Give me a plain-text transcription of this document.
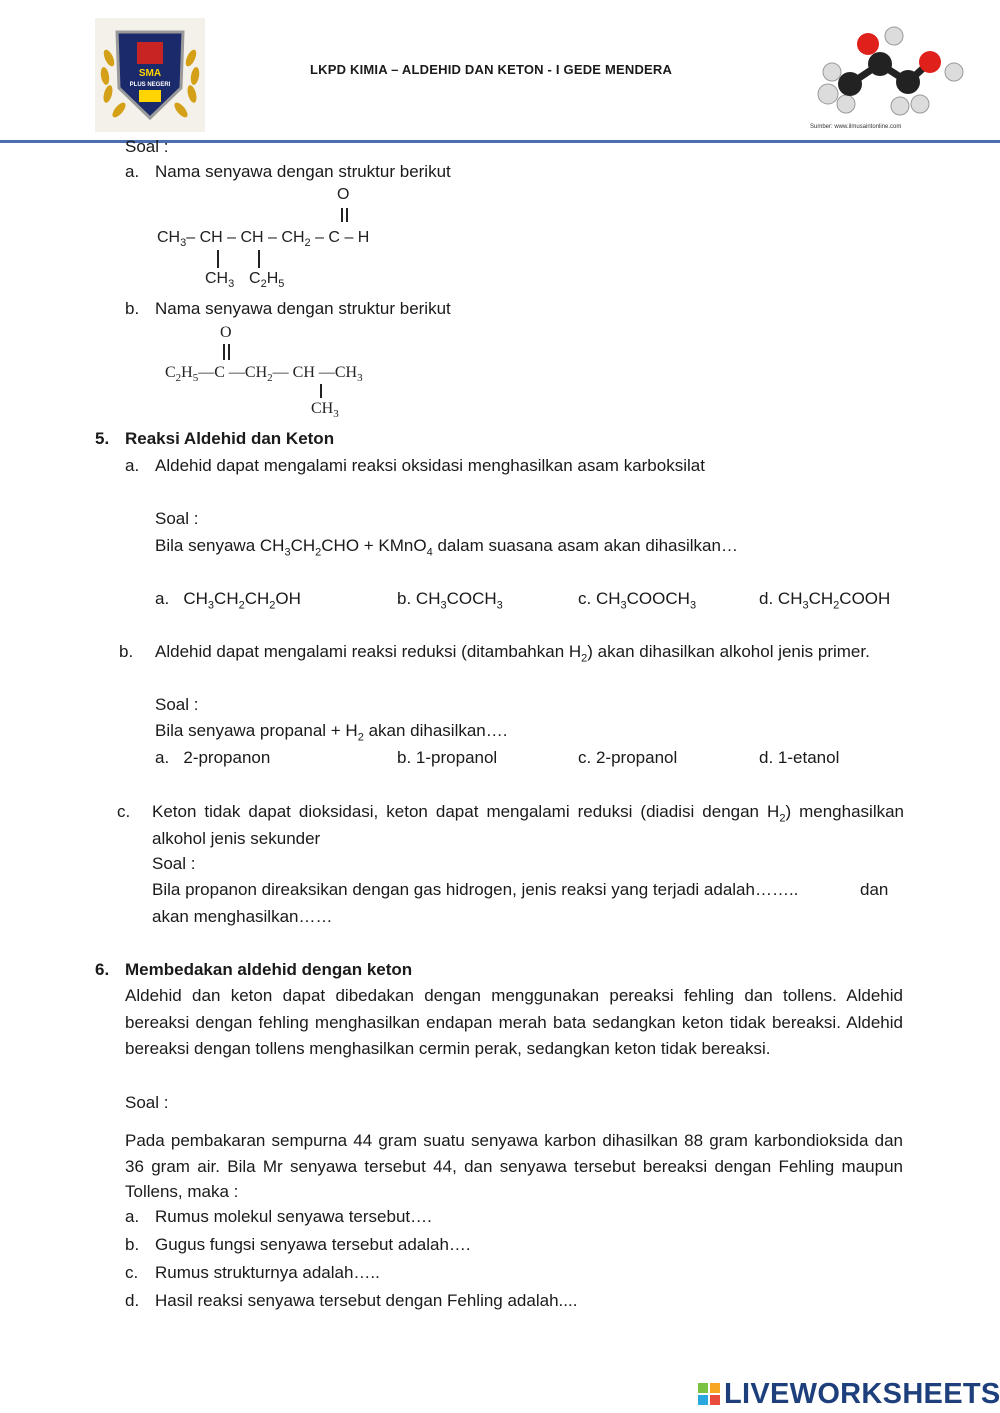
SMA
PLUS NEGERI
LKPD KIMIA – ALDEHID DAN KETON - I GEDE MENDERA
Sumber: www.ilmusaintonline.com
Soal :
a. Nama senyawa dengan struktur berikut
O
$CH_3-$ CH – CH – $CH_2$ – C – H
$CH_3$ $C_2H_5$
b. Nama senyawa dengan struktur berikut
O
$C_2H_5—C$ $—CH_2—$ CH $—CH_3$
$CH_3$
5. Reaksi Aldehid dan Keton
a. Aldehid dapat mengalami reaksi oksidasi menghasilkan asam karboksilat
Soal :
Bila senyawa $CH_3CH_2CHO$ + KMnO$_4$ dalam suasana asam akan dihasilkan…
a. $CH_3CH_2CH_2OH$	b. $CH_3COCH_3$	c. $CH_3COOCH_3$	d. $CH_3CH_2COOH$
b. Aldehid dapat mengalami reaksi reduksi (ditambahkan $H_2$) akan dihasilkan alkohol jenis primer.
Soal :
Bila senyawa propanal + $H_2$ akan dihasilkan….
a. 2-propanon	b. 1-propanol	c. 2-propanol	d. 1-etanol
c. Keton tidak dapat dioksidasi, keton dapat mengalami reduksi (diadisi dengan $H_2$) menghasilkan alkohol jenis sekunder
Soal :
Bila propanon direaksikan dengan gas hidrogen, jenis reaksi yang terjadi adalah……..	dan
akan menghasilkan……
6. Membedakan aldehid dengan keton
Aldehid dan keton dapat dibedakan dengan menggunakan pereaksi fehling dan tollens. Aldehid bereaksi dengan fehling menghasilkan endapan merah bata sedangkan keton tidak bereaksi. Aldehid bereaksi dengan tollens menghasilkan cermin perak, sedangkan keton tidak bereaksi.
Soal :
Pada pembakaran sempurna 44 gram suatu senyawa karbon dihasilkan 88 gram karbondioksida dan 36 gram air. Bila Mr senyawa tersebut 44, dan senyawa tersebut bereaksi dengan Fehling maupun Tollens, maka :
a. Rumus molekul senyawa tersebut….
b. Gugus fungsi senyawa tersebut adalah….
c. Rumus strukturnya adalah…..
d. Hasil reaksi senyawa tersebut dengan Fehling adalah....
LIVEWORKSHEETS
